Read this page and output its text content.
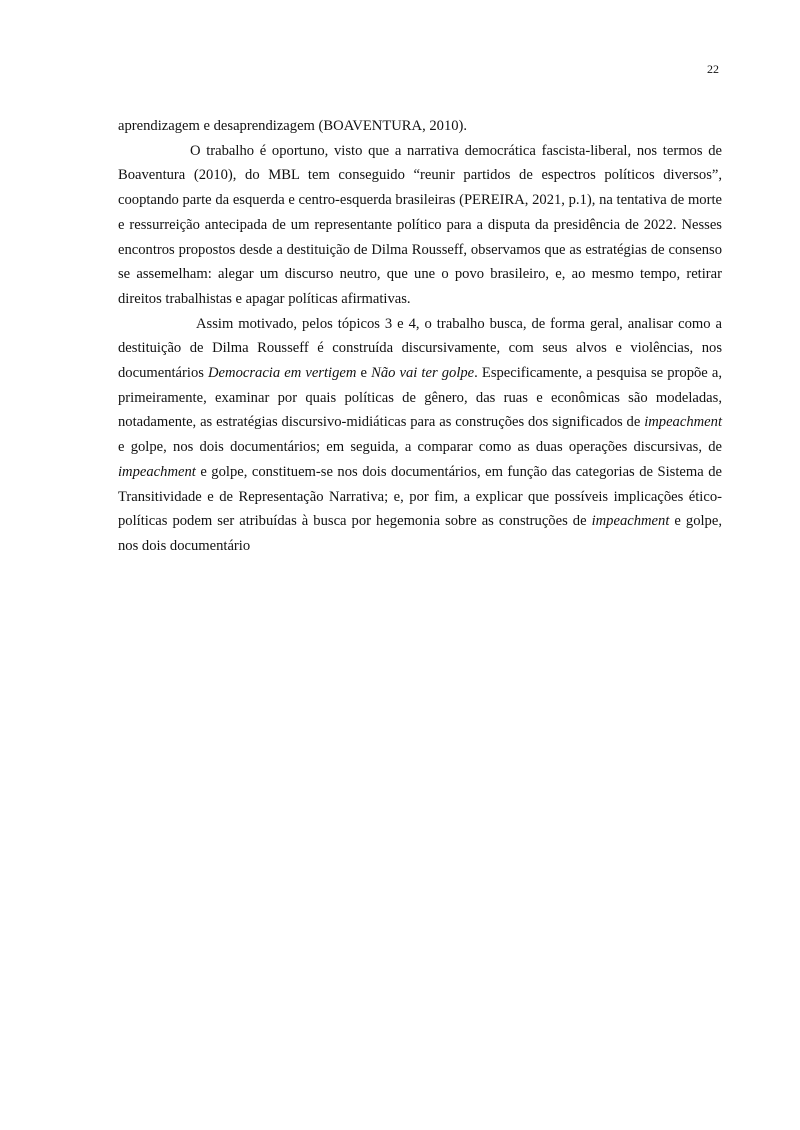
22

aprendizagem e desaprendizagem (BOAVENTURA, 2010).

O trabalho é oportuno, visto que a narrativa democrática fascista-liberal, nos termos de Boaventura (2010), do MBL tem conseguido “reunir partidos de espectros políticos diversos”, cooptando parte da esquerda e centro-esquerda brasileiras (PEREIRA, 2021, p.1), na tentativa de morte e ressurreição antecipada de um representante político para a disputa da presidência de 2022. Nesses encontros propostos desde a destituição de Dilma Rousseff, observamos que as estratégias de consenso se assemelham: alegar um discurso neutro, que une o povo brasileiro, e, ao mesmo tempo, retirar direitos trabalhistas e apagar políticas afirmativas.

Assim motivado, pelos tópicos 3 e 4, o trabalho busca, de forma geral, analisar como a destituição de Dilma Rousseff é construída discursivamente, com seus alvos e violências, nos documentários Democracia em vertigem e Não vai ter golpe. Especificamente, a pesquisa se propõe a, primeiramente, examinar por quais políticas de gênero, das ruas e econômicas são modeladas, notadamente, as estratégias discursivo-midiáticas para as construções dos significados de impeachment e golpe, nos dois documentários; em seguida, a comparar como as duas operações discursivas, de impeachment e golpe, constituem-se nos dois documentários, em função das categorias de Sistema de Transitividade e de Representação Narrativa; e, por fim, a explicar que possíveis implicações ético-políticas podem ser atribuídas à busca por hegemonia sobre as construções de impeachment e golpe, nos dois documentário
